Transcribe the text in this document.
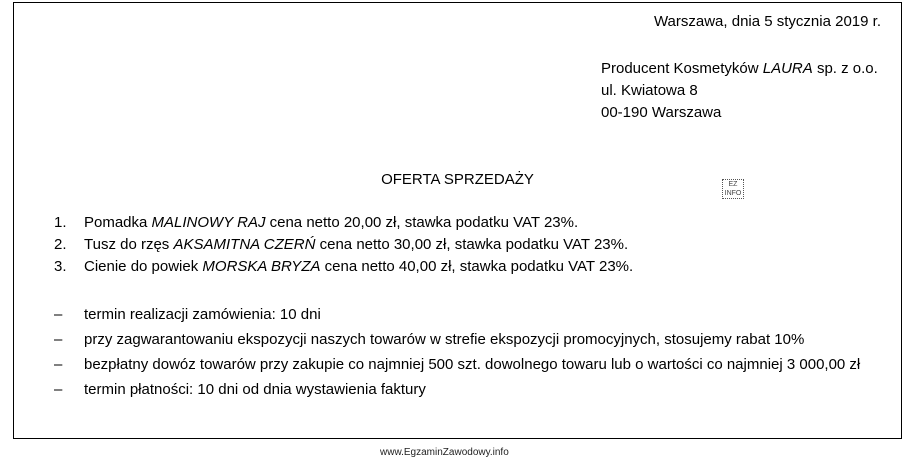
Warszawa, dnia 5 stycznia 2019 r.
Producent Kosmetyków LAURA sp. z o.o.
ul. Kwiatowa 8
00-190 Warszawa
OFERTA SPRZEDAŻY	EZ
INFO
1.	Pomadka MALINOWY RAJ cena netto 20,00 zł, stawka podatku VAT 23%.
2.	Tusz do rzęs AKSAMITNA CZERŃ cena netto 30,00 zł, stawka podatku VAT 23%.
3.	Cienie do powiek MORSKA BRYZA cena netto 40,00 zł, stawka podatku VAT 23%.
–	termin realizacji zamówienia: 10 dni
–	przy zagwarantowaniu ekspozycji naszych towarów w strefie ekspozycji promocyjnych, stosujemy rabat 10%
–	bezpłatny dowóz towarów przy zakupie co najmniej 500 szt. dowolnego towaru lub o wartości co najmniej 3 000,00 zł
–	termin płatności: 10 dni od dnia wystawienia faktury
www.EgzaminZawodowy.info
